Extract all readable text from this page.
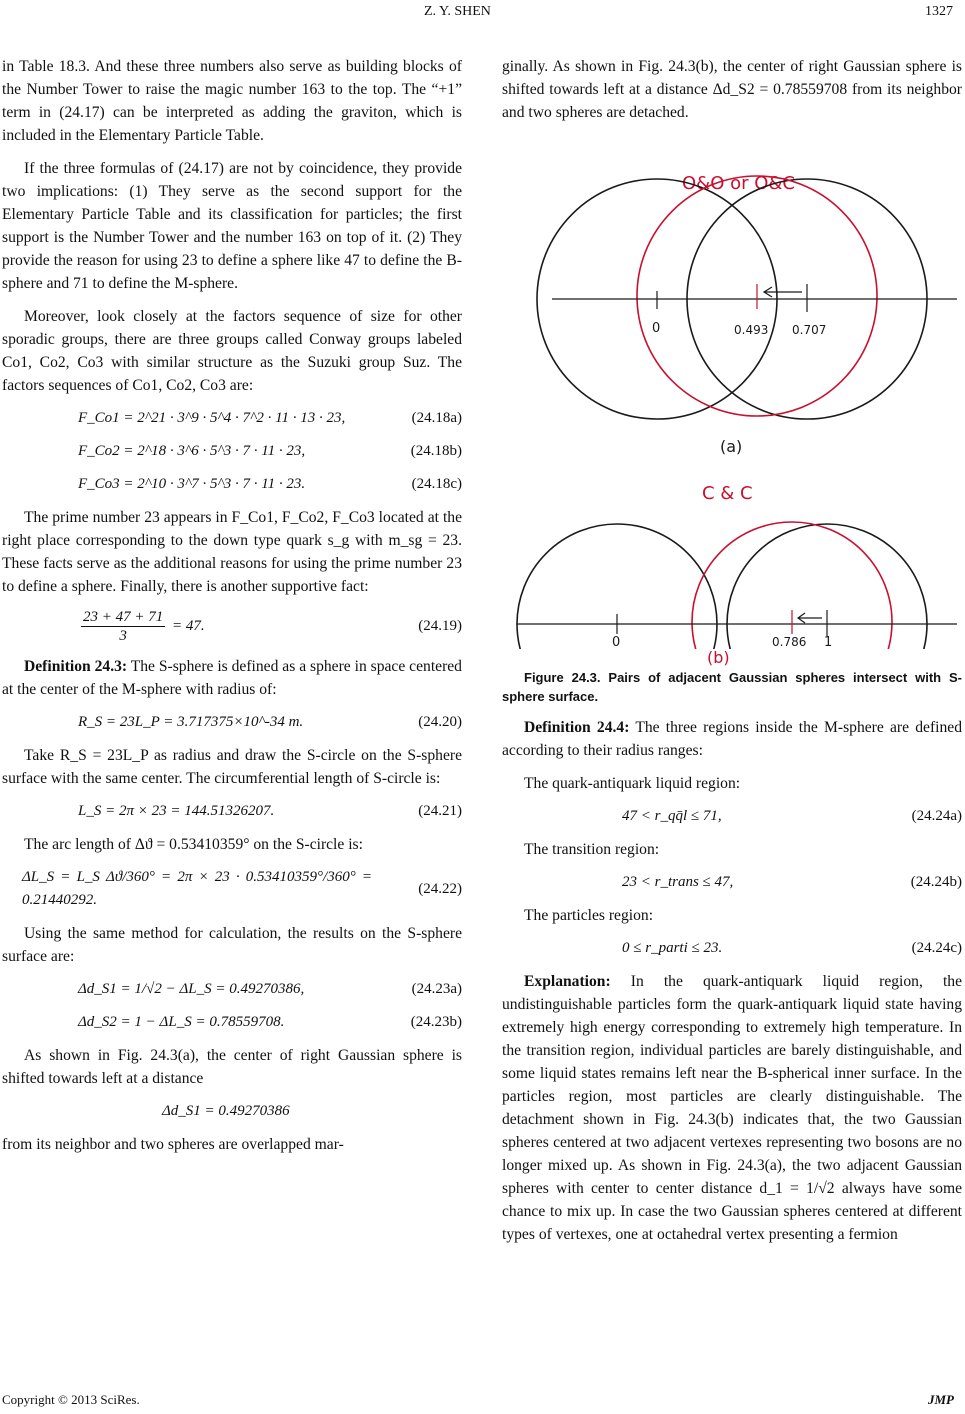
Z. Y. SHEN	1327

in Table 18.3. And these three numbers also serve as building blocks of the Number Tower to raise the magic number 163 to the top. The “+1” term in (24.17) can be interpreted as adding the graviton, which is included in the Elementary Particle Table.

If the three formulas of (24.17) are not by coincidence, they provide two implications: (1) They serve as the second support for the Elementary Particle Table and its classification for particles; the first support is the Number Tower and the number 163 on top of it. (2) They provide the reason for using 23 to define a sphere like 47 to define the B-sphere and 71 to define the M-sphere.

Moreover, look closely at the factors sequence of size for other sporadic groups, there are three groups called Conway groups labeled Co1, Co2, Co3 with similar structure as the Suzuki group Suz. The factors sequences of Co1, Co2, Co3 are:

F_Co1 = 2^21 · 3^9 · 5^4 · 7^2 · 11 · 13 · 23,	(24.18a)
F_Co2 = 2^18 · 3^6 · 5^3 · 7 · 11 · 23,	(24.18b)
F_Co3 = 2^10 · 3^7 · 5^3 · 7 · 11 · 23.	(24.18c)

The prime number 23 appears in F_Co1, F_Co2, F_Co3 located at the right place corresponding to the down type quark s_g with m_sg = 23. These facts serve as the additional reasons for using the prime number 23 to define a sphere. Finally, there is another supportive fact:

$\frac{23 + 47 + 71}{3} = 47$.	(24.19)

Definition 24.3: The S-sphere is defined as a sphere in space centered at the center of the M-sphere with radius of:

R_S = 23L_P = 3.717375×10^-34 m.	(24.20)

Take R_S = 23L_P as radius and draw the S-circle on the S-sphere surface with the same center. The circumferential length of S-circle is:

L_S = 2π × 23 = 144.51326207.	(24.21)

The arc length of Δϑ = 0.53410359° on the S-circle is:

ΔL_S = L_S Δϑ/360° = 2π × 23 · 0.53410359°/360° = 0.21440292.
(24.22)

Using the same method for calculation, the results on the S-sphere surface are:

Δd_S1 = 1/√2 − ΔL_S = 0.49270386,	(24.23a)
Δd_S2 = 1 − ΔL_S = 0.78559708.	(24.23b)

As shown in Fig. 24.3(a), the center of right Gaussian sphere is shifted towards left at a distance

Δd_S1 = 0.49270386

from its neighbor and two spheres are overlapped mar-

ginally. As shown in Fig. 24.3(b), the center of right Gaussian sphere is shifted towards left at a distance Δd_S2 = 0.78559708 from its neighbor and two spheres are detached.

O&O or O&C
0	0.493 0.707
(a)
C & C
0	0.786 1
(b)

Figure 24.3. Pairs of adjacent Gaussian spheres intersect with S-sphere surface.

Definition 24.4: The three regions inside the M-sphere are defined according to their radius ranges:

The quark-antiquark liquid region:

47 < r_qq̄l ≤ 71,	(24.24a)

The transition region:

23 < r_trans ≤ 47,	(24.24b)

The particles region:

0 ≤ r_parti ≤ 23.	(24.24c)

Explanation: In the quark-antiquark liquid region, the undistinguishable particles form the quark-antiquark liquid state having extremely high energy corresponding to extremely high temperature. In the transition region, individual particles are barely distinguishable, and some liquid states remains left near the B-spherical inner surface. In the particles region, most particles are clearly distinguishable. The detachment shown in Fig. 24.3(b) indicates that, the two Gaussian spheres centered at two adjacent vertexes representing two bosons are no longer mixed up. As shown in Fig. 24.3(a), the two adjacent Gaussian spheres with center to center distance d_1 = 1/√2 always have some chance to mix up. In case the two Gaussian spheres centered at different types of vertexes, one at octahedral vertex presenting a fermion

Copyright © 2013 SciRes.	JMP
